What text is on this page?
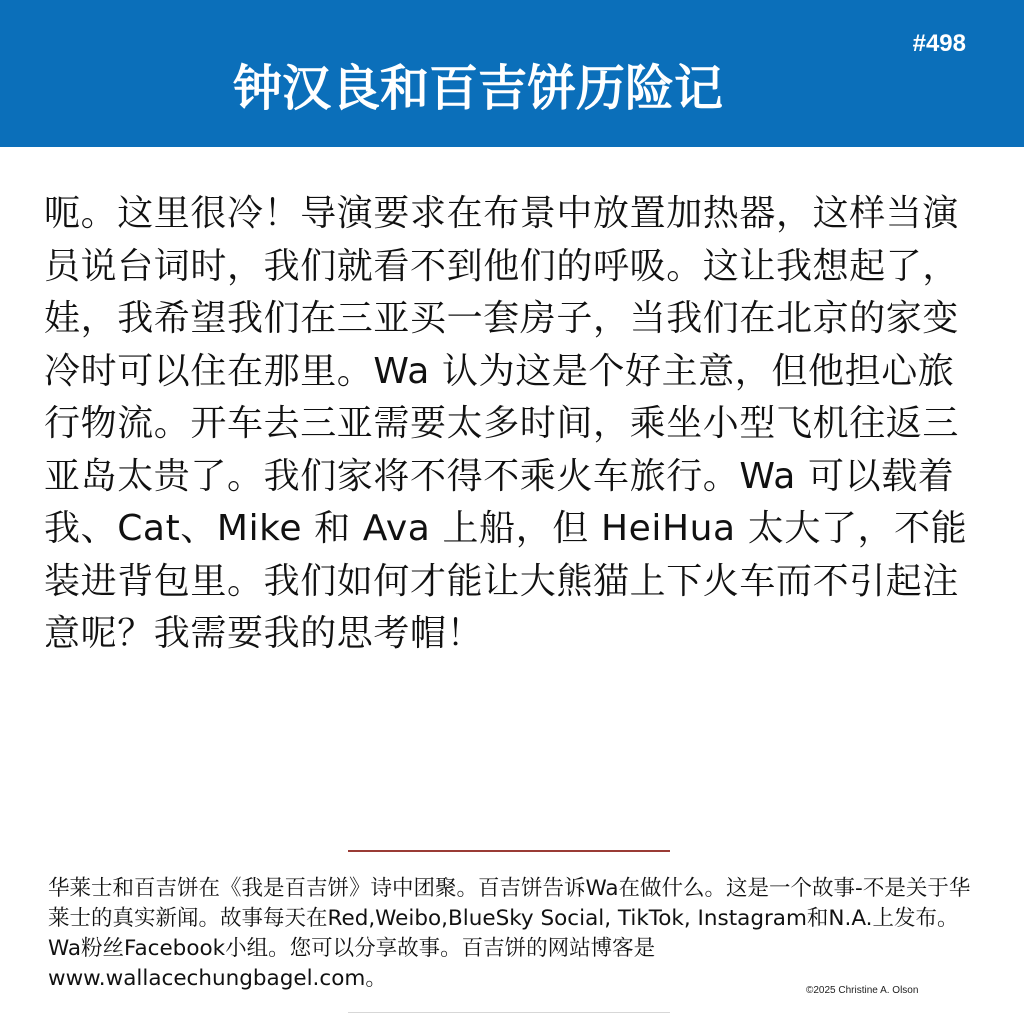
#498
钟汉良和百吉饼历险记

呃。这里很冷！导演要求在布景中放置加热器，这样当演员说台词时，我们就看不到他们的呼吸。这让我想起了，娃，我希望我们在三亚买一套房子，当我们在北京的家变冷时可以住在那里。Wa 认为这是个好主意，但他担心旅行物流。开车去三亚需要太多时间，乘坐小型飞机往返三亚岛太贵了。我们家将不得不乘火车旅行。Wa 可以载着我、Cat、Mike 和 Ava 上船，但 HeiHua 太大了，不能装进背包里。我们如何才能让大熊猫上下火车而不引起注意呢？我需要我的思考帽！

华莱士和百吉饼在《我是百吉饼》诗中团聚。百吉饼告诉Wa在做什么。这是一个故事-不是关于华莱士的真实新闻。故事每天在Red,Weibo,BlueSky Social, TikTok, Instagram和N.A.上发布。Wa粉丝Facebook小组。您可以分享故事。百吉饼的网站博客是www.wallacechungbagel.com。	©2025 Christine A. Olson
